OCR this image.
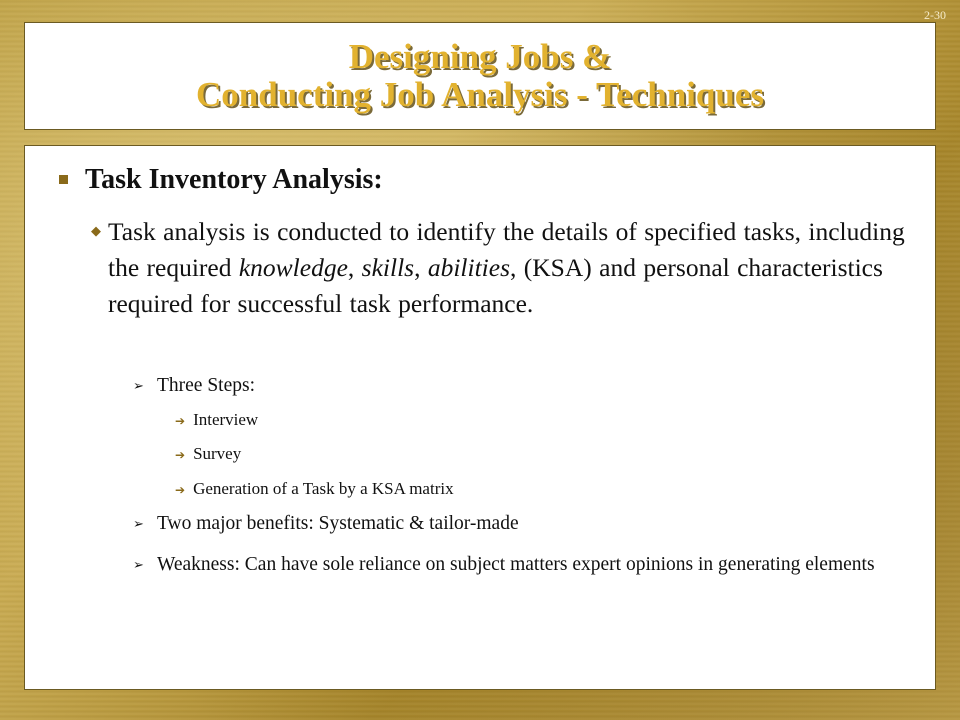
2-30
Designing Jobs &
Conducting Job Analysis - Techniques
Task Inventory Analysis:
◆ Task analysis is conducted to identify the details of specified tasks, including the required knowledge, skills, abilities, (KSA) and personal characteristics required for successful task performance.
➢ Three Steps:
➔ Interview
➔ Survey
➔ Generation of a Task by a KSA matrix
➢ Two major benefits: Systematic & tailor-made
➢ Weakness: Can have sole reliance on subject matters expert opinions in generating elements
